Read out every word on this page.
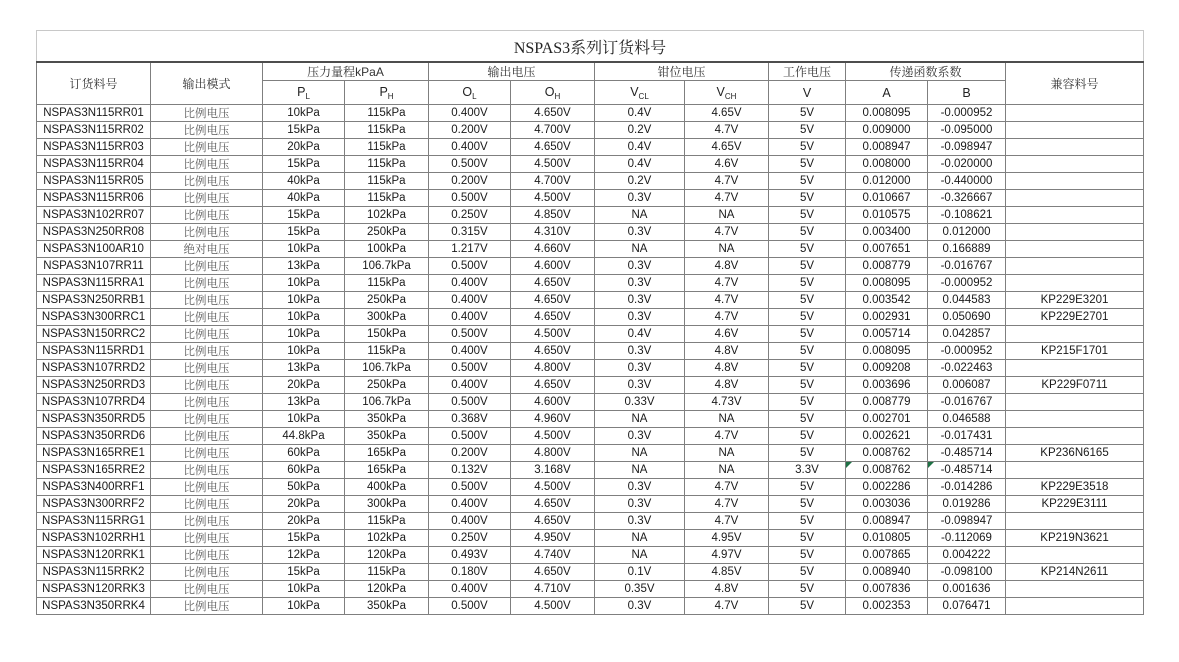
NSPAS3系列订货料号											
订货料号	输出模式	压力量程kPaA		输出电压		钳位电压		工作电压	传递函数系数		兼容料号
		$P_L$	$P_H$	$O_L$	$O_H$	$V_{CL}$	$V_{CH}$	V	A	B	
NSPAS3N115RR01	比例电压	10kPa	115kPa	0.400V	4.650V	0.4V	4.65V	5V	0.008095	-0.000952	
NSPAS3N115RR02	比例电压	15kPa	115kPa	0.200V	4.700V	0.2V	4.7V	5V	0.009000	-0.095000	
NSPAS3N115RR03	比例电压	20kPa	115kPa	0.400V	4.650V	0.4V	4.65V	5V	0.008947	-0.098947	
NSPAS3N115RR04	比例电压	15kPa	115kPa	0.500V	4.500V	0.4V	4.6V	5V	0.008000	-0.020000	
NSPAS3N115RR05	比例电压	40kPa	115kPa	0.200V	4.700V	0.2V	4.7V	5V	0.012000	-0.440000	
NSPAS3N115RR06	比例电压	40kPa	115kPa	0.500V	4.500V	0.3V	4.7V	5V	0.010667	-0.326667	
NSPAS3N102RR07	比例电压	15kPa	102kPa	0.250V	4.850V	NA	NA	5V	0.010575	-0.108621	
NSPAS3N250RR08	比例电压	15kPa	250kPa	0.315V	4.310V	0.3V	4.7V	5V	0.003400	0.012000	
NSPAS3N100AR10	绝对电压	10kPa	100kPa	1.217V	4.660V	NA	NA	5V	0.007651	0.166889	
NSPAS3N107RR11	比例电压	13kPa	106.7kPa	0.500V	4.600V	0.3V	4.8V	5V	0.008779	-0.016767	
NSPAS3N115RRA1	比例电压	10kPa	115kPa	0.400V	4.650V	0.3V	4.7V	5V	0.008095	-0.000952	
NSPAS3N250RRB1	比例电压	10kPa	250kPa	0.400V	4.650V	0.3V	4.7V	5V	0.003542	0.044583	KP229E3201
NSPAS3N300RRC1	比例电压	10kPa	300kPa	0.400V	4.650V	0.3V	4.7V	5V	0.002931	0.050690	KP229E2701
NSPAS3N150RRC2	比例电压	10kPa	150kPa	0.500V	4.500V	0.4V	4.6V	5V	0.005714	0.042857	
NSPAS3N115RRD1	比例电压	10kPa	115kPa	0.400V	4.650V	0.3V	4.8V	5V	0.008095	-0.000952	KP215F1701
NSPAS3N107RRD2	比例电压	13kPa	106.7kPa	0.500V	4.800V	0.3V	4.8V	5V	0.009208	-0.022463	
NSPAS3N250RRD3	比例电压	20kPa	250kPa	0.400V	4.650V	0.3V	4.8V	5V	0.003696	0.006087	KP229F0711
NSPAS3N107RRD4	比例电压	13kPa	106.7kPa	0.500V	4.600V	0.33V	4.73V	5V	0.008779	-0.016767	
NSPAS3N350RRD5	比例电压	10kPa	350kPa	0.368V	4.960V	NA	NA	5V	0.002701	0.046588	
NSPAS3N350RRD6	比例电压	44.8kPa	350kPa	0.500V	4.500V	0.3V	4.7V	5V	0.002621	-0.017431	
NSPAS3N165RRE1	比例电压	60kPa	165kPa	0.200V	4.800V	NA	NA	5V	0.008762	-0.485714	KP236N6165
NSPAS3N165RRE2	比例电压	60kPa	165kPa	0.132V	3.168V	NA	NA	3.3V	0.008762	-0.485714

NSPAS3N400RRF1	比例电压	50kPa	400kPa	0.500V	4.500V	0.3V	4.7V	5V	0.002286	-0.014286	KP229E3518
NSPAS3N300RRF2	比例电压	20kPa	300kPa	0.400V	4.650V	0.3V	4.7V	5V	0.003036	0.019286	KP229E3111
NSPAS3N115RRG1	比例电压	20kPa	115kPa	0.400V	4.650V	0.3V	4.7V	5V	0.008947	-0.098947	
NSPAS3N102RRH1	比例电压	15kPa	102kPa	0.250V	4.950V	NA	4.95V	5V	0.010805	-0.112069	KP219N3621
NSPAS3N120RRK1	比例电压	12kPa	120kPa	0.493V	4.740V	NA	4.97V	5V	0.007865	0.004222	
NSPAS3N115RRK2	比例电压	15kPa	115kPa	0.180V	4.650V	0.1V	4.85V	5V	0.008940	-0.098100	KP214N2611
NSPAS3N120RRK3	比例电压	10kPa	120kPa	0.400V	4.710V	0.35V	4.8V	5V	0.007836	0.001636	
NSPAS3N350RRK4	比例电压	10kPa	350kPa	0.500V	4.500V	0.3V	4.7V	5V	0.002353	0.076471	
